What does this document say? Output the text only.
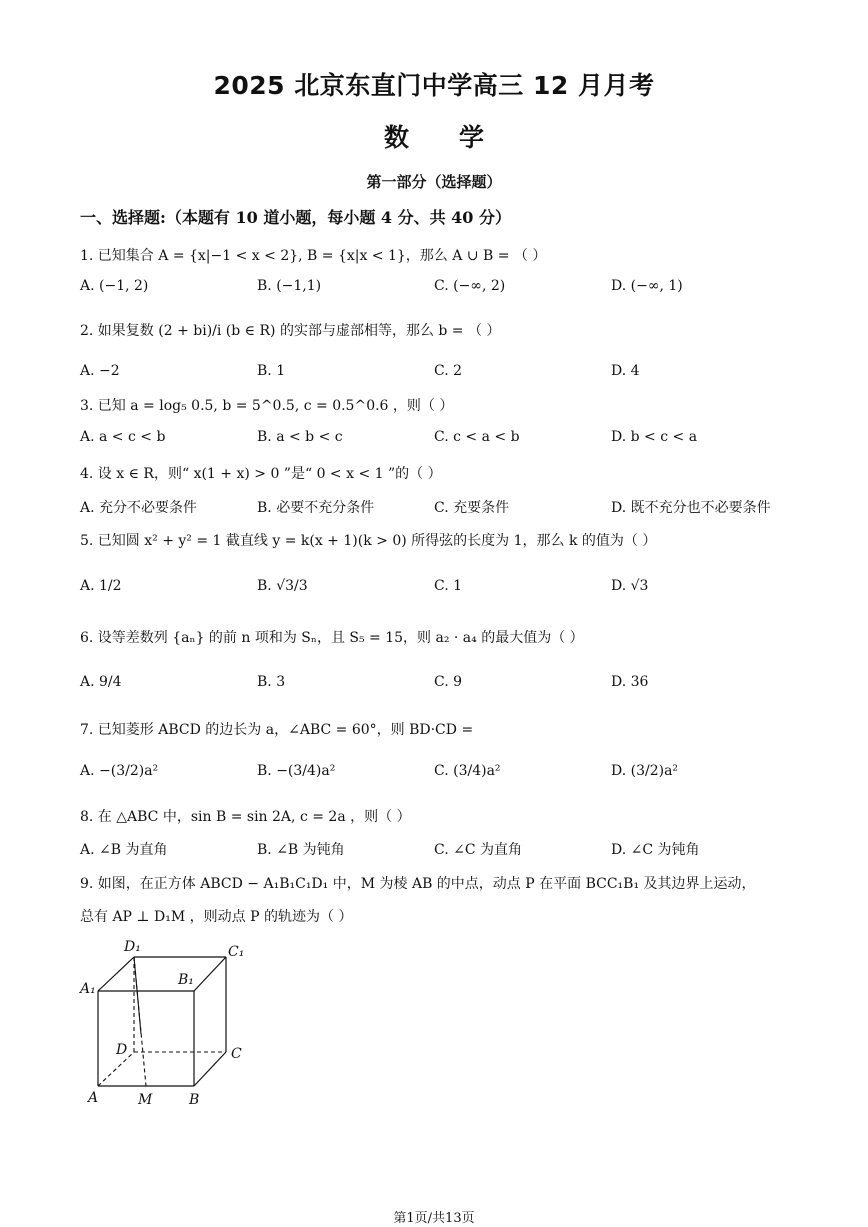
2025 北京东直门中学高三 12 月月考
数学
第一部分（选择题）
一、选择题:（本题有 10 道小题，每小题 4 分、共 40 分）
1. 已知集合 A = {x|−1 < x < 2}, B = {x|x < 1}，那么 A ∪ B = （ ）
A. (−1, 2)	B. (−1,1)	C. (−∞, 2)	D. (−∞, 1)
2. 如果复数 (2 + bi)/i (b ∈ R) 的实部与虚部相等，那么 b = （ ）
A. −2	B. 1	C. 2	D. 4
3. 已知 a = log₅ 0.5, b = 5^0.5, c = 0.5^0.6 ，则（ ）
A. a < c < b	B. a < b < c	C. c < a < b	D. b < c < a
4. 设 x ∈ R，则“ x(1 + x) > 0 ”是“ 0 < x < 1 ”的（ ）
A. 充分不必要条件	B. 必要不充分条件	C. 充要条件	D. 既不充分也不必要条件
5. 已知圆 x² + y² = 1 截直线 y = k(x + 1)(k > 0) 所得弦的长度为 1，那么 k 的值为（ ）
A. 1/2	B. √3/3	C. 1	D. √3
6. 设等差数列 {aₙ} 的前 n 项和为 Sₙ，且 S₅ = 15，则 a₂ · a₄ 的最大值为（ ）
A. 9/4	B. 3	C. 9	D. 36
7. 已知菱形 ABCD 的边长为 a，∠ABC = 60°，则 BD·CD =
A. −(3/2)a²	B. −(3/4)a²	C. (3/4)a²	D. (3/2)a²
8. 在 △ABC 中，sin B = sin 2A, c = 2a ，则（ ）
A. ∠B 为直角	B. ∠B 为钝角	C. ∠C 为直角	D. ∠C 为钝角
9. 如图，在正方体 ABCD − A₁B₁C₁D₁ 中，M 为棱 AB 的中点，动点 P 在平面 BCC₁B₁ 及其边界上运动，
总有 AP ⊥ D₁M ，则动点 P 的轨迹为（ ）
D₁	C₁
A₁
B₁
D	C
A	M	B
第1页/共13页
